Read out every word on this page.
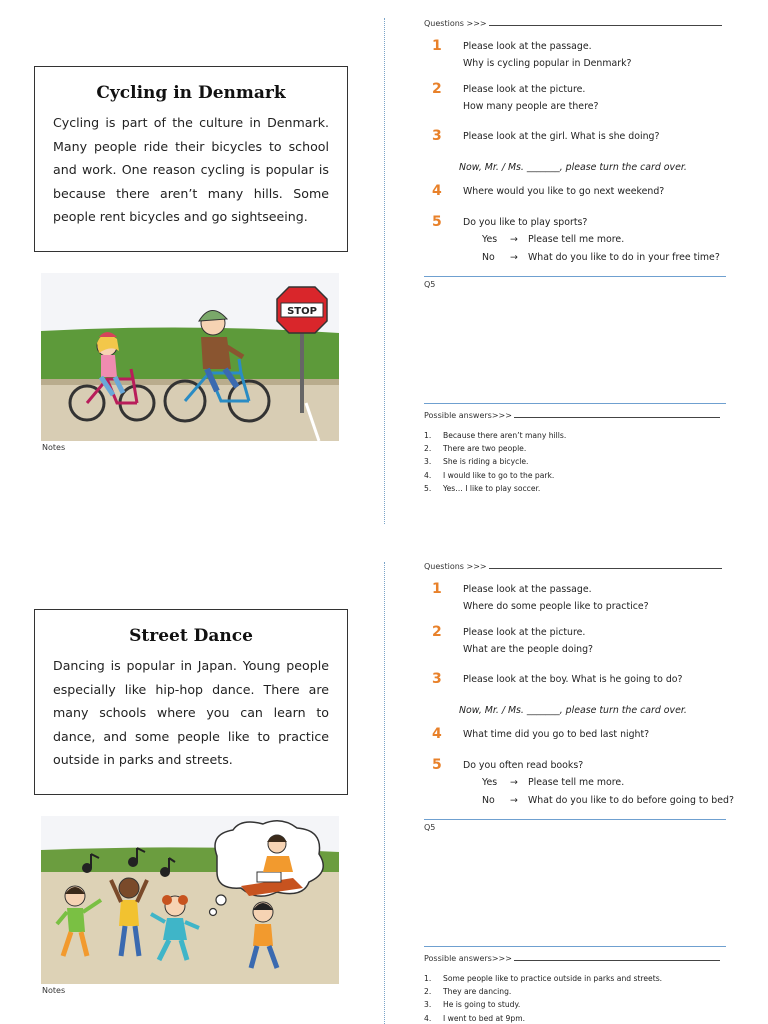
Cycling in Denmark
Cycling is part of the culture in Denmark. Many people ride their bicycles to school and work. One reason cycling is popular is because there aren’t many hills. Some people rent bicycles and go sightseeing.
STOP
Notes
Questions >>>
1 Please look at the passage.
Why is cycling popular in Denmark?
2 Please look at the picture.
How many people are there?
3 Please look at the girl. What is she doing?
Now, Mr. / Ms. _______, please turn the card over.
4 Where would you like to go next weekend?
5 Do you like to play sports?
Yes	→	Please tell me more.
No	→	What do you like to do in your free time?
Q5
Possible answers>>>
1.	Because there aren’t many hills.
2.	There are two people.
3.	She is riding a bicycle.
4.	I would like to go to the park.
5.	Yes… I like to play soccer.
Street Dance
Dancing is popular in Japan. Young people especially like hip-hop dance. There are many schools where you can learn to dance, and some people like to practice outside in parks and streets.
Notes
Questions >>>
1 Please look at the passage.
Where do some people like to practice?
2 Please look at the picture.
What are the people doing?
3 Please look at the boy. What is he going to do?
Now, Mr. / Ms. _______, please turn the card over.
4 What time did you go to bed last night?
5 Do you often read books?
Yes	→	Please tell me more.
No	→	What do you like to do before going to bed?
Q5
Possible answers>>>
1.	Some people like to practice outside in parks and streets.
2.	They are dancing.
3.	He is going to study.
4.	I went to bed at 9pm.
